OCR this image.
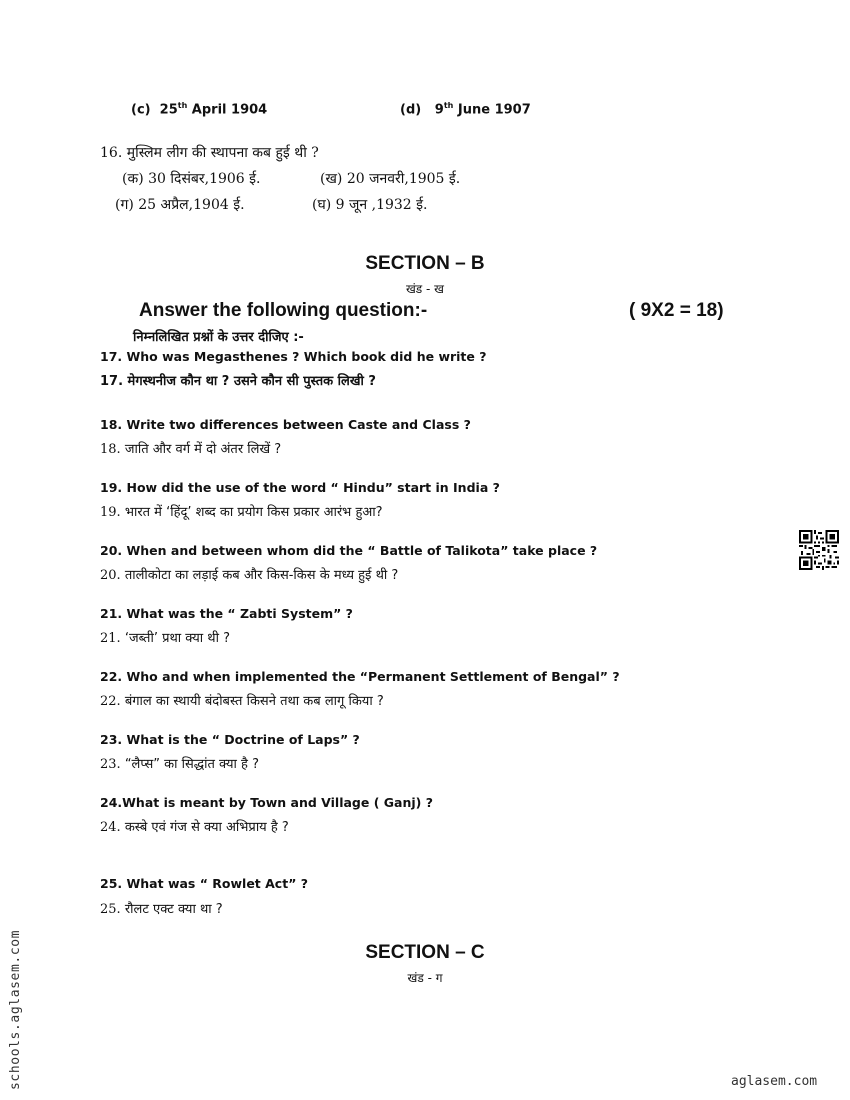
(c) 25th April 1904	(d) 9th June 1907
16. मुस्लिम लीग की स्थापना कब हुई थी ?
(क) 30 दिसंबर,1906 ई.	(ख) 20 जनवरी,1905 ई.
(ग) 25 अप्रैल,1904 ई.	(घ) 9 जून ,1932 ई.
SECTION – B
खंड - ख
Answer the following question:-	( 9X2 = 18)
निम्नलिखित प्रश्नों के उत्तर दीजिए :-
17. Who was Megasthenes ? Which book did he write ?
17. मेगस्थनीज कौन था ? उसने कौन सी पुस्तक लिखी ?
18. Write two differences between Caste and Class ?
18. जाति और वर्ग में दो अंतर लिखें ?
19. How did the use of the word “ Hindu” start in India ?
19. भारत में ‘हिंदू’ शब्द का प्रयोग किस प्रकार आरंभ हुआ?
20. When and between whom did the “ Battle of Talikota” take place ?
20. तालीकोटा का लड़ाई कब और किस-किस के मध्य हुई थी ?
21. What was the “ Zabti System” ?
21. ‘जब्ती’ प्रथा क्या थी ?
22. Who and when implemented the “Permanent Settlement of Bengal” ?
22. बंगाल का स्थायी बंदोबस्त किसने तथा कब लागू किया ?
23. What is the “ Doctrine of Laps” ?
23. “लैप्स” का सिद्धांत क्या है ?
24.What is meant by Town and Village ( Ganj) ?
24. कस्बे एवं गंज से क्या अभिप्राय है ?
25. What was “ Rowlet Act” ?
25. रौलट एक्ट क्या था ?
SECTION – C
खंड - ग
schools.aglasem.com	aglasem.com
